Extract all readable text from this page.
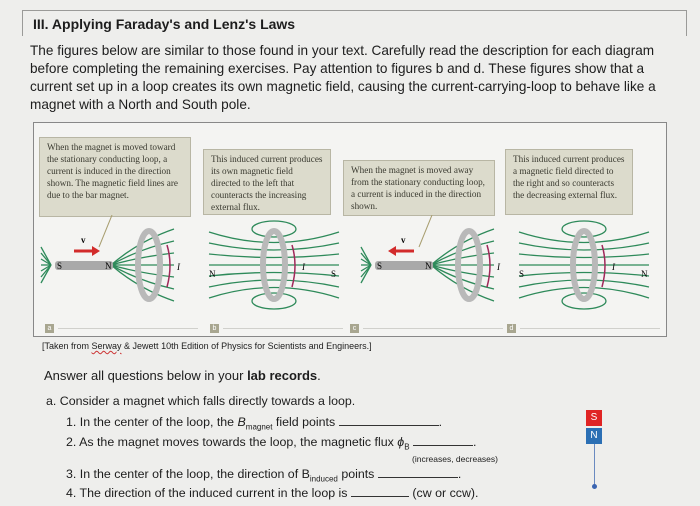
III. Applying Faraday's and Lenz's Laws
The figures below are similar to those found in your text. Carefully read the description for each diagram before completing the remaining exercises. Pay attention to figures b and d. These figures show that a current set up in a loop creates its own magnetic field, causing the current-carrying-loop to behave like a magnet with a North and South pole.
When the magnet is moved toward the stationary conducting loop, a current is induced in the direction shown. The magnetic field lines are due to the bar magnet.
This induced current produces its own magnetic field directed to the left that counteracts the increasing external flux.
When the magnet is moved away from the stationary conducting loop, a current is induced in the direction shown.
This induced current produces a magnetic field directed to the right and so counteracts the decreasing external flux.
v
I
S	N	I
N	S
v
I
S	N	I
S	N
a	b	c	d
[Taken from Serway & Jewett 10th Edition of Physics for Scientists and Engineers.]
Answer all questions below in your lab records.
a. Consider a magnet which falls directly towards a loop.
1. In the center of the loop, the $B_{magnet}$ field points	.
2. As the magnet moves towards the loop, the magnetic flux $\phi_B$	.
(increases, decreases)
3. In the center of the loop, the direction of $B_{induced}$ points	.
4. The direction of the induced current in the loop is	(cw or ccw).
S
N
